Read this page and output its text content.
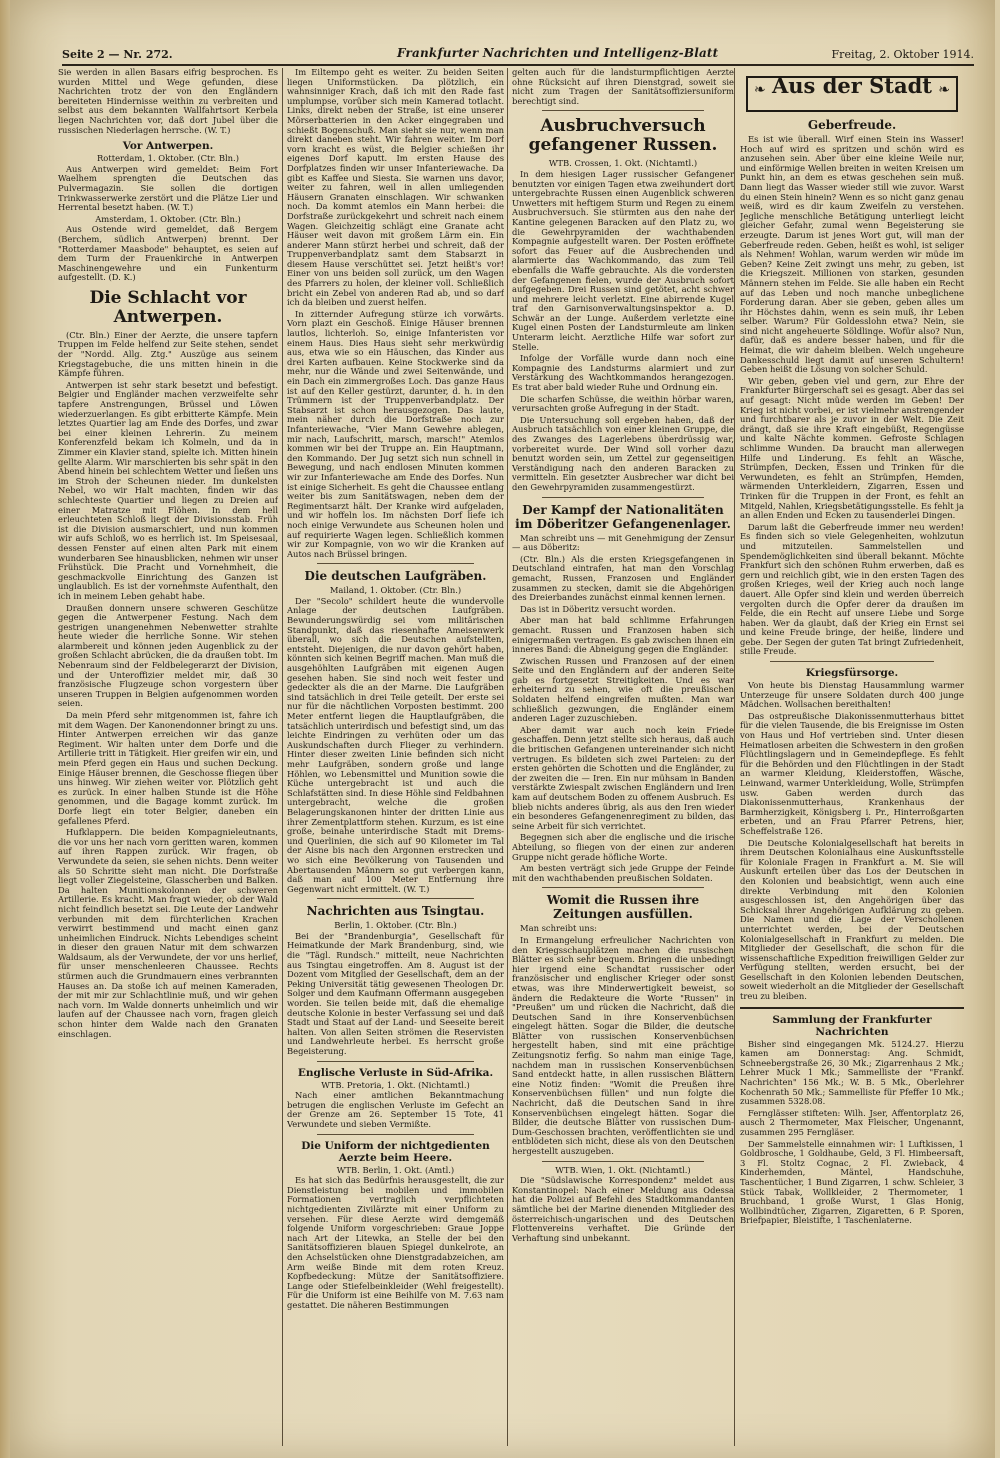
Seite 2 — Nr. 272.	Frankfurter Nachrichten und Intelligenz-Blatt	Freitag, 2. Oktober 1914.

Sie werden in allen Basars eifrig besprochen. Es wurden Mittel und Wege gefunden, diese Nachrichten trotz der von den Engländern bereiteten Hindernisse weithin zu verbreiten und selbst aus dem bekannten Wallfahrtsort Kerbela liegen Nachrichten vor, daß dort Jubel über die russischen Niederlagen herrsche. (W. T.)

Vor Antwerpen.
Rotterdam, 1. Oktober. (Ctr. Bln.)

Aus Antwerpen wird gemeldet: Beim Fort Waelhem sprengten die Deutschen das Pulvermagazin. Sie sollen die dortigen Trinkwasserwerke zerstört und die Plätze Lier und Herrental besetzt haben. (W. T.)

Amsterdam, 1. Oktober. (Ctr. Bln.)

Aus Ostende wird gemeldet, daß Bergem (Berchem, südlich Antwerpen) brennt. Der "Rotterdamer Maasbode" behauptet, es seien auf dem Turm der Frauenkirche in Antwerpen Maschinengewehre und ein Funkenturm aufgestellt. (D. K.)

Die Schlacht vor Antwerpen.

(Ctr. Bln.) Einer der Aerzte, die unsere tapfern Truppen im Felde helfend zur Seite stehen, sendet der "Nordd. Allg. Ztg." Auszüge aus seinem Kriegstagebuche, die uns mitten hinein in die Kämpfe führen.

Antwerpen ist sehr stark besetzt und befestigt. Belgier und Engländer machen verzweifelte sehr tapfere Anstrengungen, Brüssel und Löwen wiederzuerlangen. Es gibt erbitterte Kämpfe. Mein letztes Quartier lag am Ende des Dorfes, und zwar bei einer kleinen Lehrerin. Zu meinem Konferenzfeld bekam ich Kolmeln, und da in Zimmer ein Klavier stand, spielte ich. Mitten hinein gellte Alarm. Wir marschierten bis sehr spät in den Abend hinein bei schlechtem Wetter und ließen uns im Stroh der Scheunen nieder. Im dunkelsten Nebel, wo wir Halt machten, finden wir das schlechteste Quartier und liegen zu Dreien auf einer Matratze mit Flöhen. In dem hell erleuchteten Schloß liegt der Divisionsstab. Früh ist die Division ausmarschiert, und nun kommen wir aufs Schloß, wo es herrlich ist. Im Speisesaal, dessen Fenster auf einen alten Park mit einem wunderbaren See hinausblicken, nehmen wir unser Frühstück. Die Pracht und Vornehmheit, die geschmackvolle Einrichtung des Ganzen ist unglaublich. Es ist der vornehmste Aufenthalt, den ich in meinem Leben gehabt habe.

Draußen donnern unsere schweren Geschütze gegen die Antwerpener Festung. Nach dem gestrigen unangenehmen Nebenwetter strahlte heute wieder die herrliche Sonne. Wir stehen alarmbereit und können jeden Augenblick zu der großen Schlacht abrücken, die da draußen tobt. Im Nebenraum sind der Feldbelegerarzt der Division, und der Unteroffizier meldet mir, daß 30 französische Flugzeuge schon vorgestern über unseren Truppen in Belgien aufgenommen worden seien.

Da mein Pferd sehr mitgenommen ist, fahre ich mit dem Wagen. Der Kanonendonner bringt zu uns. Hinter Antwerpen erreichen wir das ganze Regiment. Wir halten unter dem Dorfe und die Artillerie tritt in Tätigkeit. Hier greifen wir ein, und mein Pferd gegen ein Haus und suchen Deckung. Einige Häuser brennen, die Geschosse fliegen über uns hinweg. Wir ziehen weiter vor. Plötzlich geht es zurück. In einer halben Stunde ist die Höhe genommen, und die Bagage kommt zurück. Im Dorfe liegt ein toter Belgier, daneben ein gefallenes Pferd.

Hufklappern. Die beiden Kompagnieleutnants, die vor uns her nach vorn geritten waren, kommen auf ihren Rappen zurück. Wir fragen, ob Verwundete da seien, sie sehen nichts. Denn weiter als 50 Schritte sieht man nicht. Die Dorfstraße liegt voller Ziegelsteine, Glasscherben und Balken. Da halten Munitionskolonnen der schweren Artillerie. Es kracht. Man fragt wieder, ob der Wald nicht feindlich besetzt sei. Die Leute der Landwehr verbunden mit dem fürchterlichen Krachen verwirrt bestimmend und macht einen ganz unheimlichen Eindruck. Nichts Lebendiges scheint in dieser den grauen Natur mit dem schwarzen Waldsaum, als der Verwundete, der vor uns herlief, für unser menschenleeren Chaussee. Rechts stürmen auch die Grundmauern eines verbrannten Hauses an. Da stoße ich auf meinen Kameraden, der mit mir zur Schlachtlinie muß, und wir gehen nach vorn. Im Walde donnerts unheimlich und wir laufen auf der Chaussee nach vorn, fragen gleich schon hinter dem Walde nach den Granaten einschlagen.

Im Eiltempo geht es weiter. Zu beiden Seiten liegen Uniformstücken. Da plötzlich, ein wahnsinniger Krach, daß ich mit den Rade fast umplumpse, vorüber sich mein Kamerad totlacht. Links, direkt neben der Straße, ist eine unserer Mörserbatterien in den Acker eingegraben und schießt Bogenschuß. Man sieht sie nur, wenn man direkt daneben steht. Wir fahren weiter. Im Dorf vorn kracht es wüst, die Belgier schießen ihr eigenes Dorf kaputt. Im ersten Hause des Dorfplatzes finden wir unser Infanteriewache. Da gibt es Kaffee und Siesta. Sie warnen uns davor, weiter zu fahren, weil in allen umliegenden Häusern Granaten einschlagen. Wir schwanken noch. Da kommt atemlos ein Mann herbei: die Dorfstraße zurückgekehrt und schreit nach einem Wagen. Gleichzeitig schlägt eine Granate acht Häuser weit davon mit großem Lärm ein. Ein anderer Mann stürzt herbei und schreit, daß der Truppenverbandplatz samt dem Stabsarzt in diesem Hause verschüttet sei. Jetzt heißt's vor! Einer von uns beiden soll zurück, um den Wagen des Pfarrers zu holen, der kleiner voll. Schließlich bricht ein Zebel von anderen Rad ab, und so darf ich da bleiben und zuerst helfen.

In zitternder Aufregung stürze ich vorwärts. Vorn plazt ein Geschoß. Einige Häuser brennen lautlos, lichterloh. So, einige Infanteristen vor einem Haus. Dies Haus sieht sehr merkwürdig aus, etwa wie so ein Häuschen, das Kinder aus drei Karten aufbauen. Keine Stockwerke sind da mehr, nur die Wände und zwei Seitenwände, und ein Dach ein zimmergroßes Loch. Das ganze Haus ist auf den Keller gestürzt, darunter, d. h. in den Trümmern ist der Truppenverbandplatz. Der Stabsarzt ist schon herausgezogen. Das laute, mein näher durch die Dorfstraße noch zur Infanteriewache, "Vier Mann Gewehre ablegen, mir nach, Laufschritt, marsch, marsch!" Atemlos kommen wir bei der Truppe an. Ein Hauptmann, den Kommando. Der Jug setzt sich nun schnell in Bewegung, und nach endlosen Minuten kommen wir zur Infanteriewache am Ende des Dorfes. Nun ist einige Sicherheit. Es geht die Chaussee entlang weiter bis zum Sanitätswagen, neben dem der Regimentsarzt hält. Der Kranke wird aufgeladen, und wir hoffeln los. Im nächsten Dorf liefe ich noch einige Verwundete aus Scheunen holen und auf requirierte Wagen legen. Schließlich kommen wir zur Kompagnie, von wo wir die Kranken auf Autos nach Brüssel bringen.

Die deutschen Laufgräben.
Mailand, 1. Oktober. (Ctr. Bln.)

Der "Secolo" schildert heute die wundervolle Anlage der deutschen Laufgräben. Bewunderungswürdig sei vom militärischen Standpunkt, daß das riesenhafte Ameisenwerk überall, wo sich die Deutschen aufstellten, entsteht. Diejenigen, die nur davon gehört haben, könnten sich keinen Begriff machen. Man muß die ausgehöhlten Laufgräben mit eigenen Augen gesehen haben. Sie sind noch weit fester und gedeckter als die an der Marne. Die Laufgräben sind tatsächlich in drei Teile geteilt. Der erste sei nur für die nächtlichen Vorposten bestimmt. 200 Meter entfernt liegen die Hauptlaufgräben, die tatsächlich unterirdisch und befestigt sind, um das leichte Eindringen zu verhüten oder um das Auskundschaften durch Flieger zu verhindern. Hinter dieser zweiten Linie befinden sich nicht mehr Laufgräben, sondern große und lange Höhlen, wo Lebensmittel und Munition sowie die Küche untergebracht ist und auch die Schlafstätten sind. In diese Höhle sind Feldbahnen untergebracht, welche die großen Belagerungskanonen hinter der dritten Linie aus ihrer Zementplattform stehen. Kurzum, es ist eine große, beinahe unterirdische Stadt mit Drems- und Querlinien, die sich auf 90 Kilometer im Tal der Aisne bis nach den Argonnen erstrecken und wo sich eine Bevölkerung von Tausenden und Abertausenden Männern so gut verbergen kann, daß man auf 100 Meter Entfernung ihre Gegenwart nicht ermittelt. (W. T.)

Nachrichten aus Tsingtau.
Berlin, 1. Oktober. (Ctr. Bln.)

Bei der "Brandenburgia", Gesellschaft für Heimatkunde der Mark Brandenburg, sind, wie die "Tägl. Rundsch." mitteilt, neue Nachrichten aus Tsingtau eingetroffen. Am 8. August ist der Dozent vom Mitglied der Gesellschaft, dem an der Peking Universität tätig gewesenen Theologen Dr. Solger und dem Kaufmann Offermann ausgegeben worden. Sie teilen beide mit, daß die ehemalige deutsche Kolonie in bester Verfassung sei und daß Stadt und Staat auf der Land- und Seeseite bereit halten. Von allen Seiten strömen die Reservisten und Landwehrleute herbei. Es herrscht große Begeisterung.

Englische Verluste in Süd-Afrika.
WTB. Pretoria, 1. Okt. (Nichtamtl.)

Nach einer amtlichen Bekanntmachung betrugen die englischen Verluste im Gefecht an der Grenze am 26. September 15 Tote, 41 Verwundete und sieben Vermißte.

Die Uniform der nichtgedienten Aerzte beim Heere.
WTB. Berlin, 1. Okt. (Amtl.)

Es hat sich das Bedürfnis herausgestellt, die zur Dienstleistung bei mobilen und immobilen Formationen vertraglich verpflichteten nichtgedienten Zivilärzte mit einer Uniform zu versehen. Für diese Aerzte wird demgemäß folgende Uniform vorgeschrieben: Graue Joppe nach Art der Litewka, an Stelle der bei den Sanitätsoffizieren blauen Spiegel dunkelrote, an den Achselstücken ohne Dienstgradabzeichen, am Arm weiße Binde mit dem roten Kreuz. Kopfbedeckung: Mütze der Sanitätsoffiziere. Lange oder Stiefelbeinkleider (Wehl freigestellt). Für die Uniform ist eine Beihilfe von M. 7.63 nam gestattet. Die näheren Bestimmungen

gelten auch für die landsturmpflichtigen Aerzte ohne Rücksicht auf ihren Dienstgrad, soweit sie nicht zum Tragen der Sanitätsoffiziersuniform berechtigt sind.

Ausbruchversuch gefangener Russen.
WTB. Crossen, 1. Okt. (Nichtamtl.)

In dem hiesigen Lager russischer Gefangener benutzten vor einigen Tagen etwa zweihundert dort untergebrachte Russen einen Augenblick schweren Unwetters mit heftigem Sturm und Regen zu einem Ausbruchversuch. Sie stürmten aus den nahe der Kantine gelegenen Baracken auf den Platz zu, wo die Gewehrpyramiden der wachthabenden Kompagnie aufgestellt waren. Der Posten eröffnete sofort das Feuer auf die Ausbrechenden und alarmierte das Wachkommando, das zum Teil ebenfalls die Waffe gebrauchte. Als die vordersten der Gefangenen fielen, wurde der Ausbruch sofort aufgegeben. Drei Russen sind getötet, acht schwer und mehrere leicht verletzt. Eine abirrende Kugel traf den Garnisonverwaltungsinspektor a. D. Schwär an der Lunge. Außerdem verletzte eine Kugel einen Posten der Landsturmleute am linken Unterarm leicht. Aerztliche Hilfe war sofort zur Stelle.

Infolge der Vorfälle wurde dann noch eine Kompagnie des Landsturms alarmiert und zur Verstärkung des Wachtkommandos herangezogen. Es trat aber bald wieder Ruhe und Ordnung ein.

Die scharfen Schüsse, die weithin hörbar waren, verursachten große Aufregung in der Stadt.

Die Untersuchung soll ergeben haben, daß der Ausbruch tatsächlich von einer kleinen Gruppe, die des Zwanges des Lagerlebens überdrüssig war, vorbereitet wurde. Der Wind soll vorher dazu benutzt worden sein, um Zettel zur gegenseitigen Verständigung nach den anderen Baracken zu vermitteln. Ein gesetzter Ausbrecher war dicht bei den Gewehrpyramiden zusammengestürzt.

Der Kampf der Nationalitäten im Döberitzer Gefangenenlager.

Man schreibt uns — mit Genehmigung der Zensur — aus Döberitz:

(Ctr. Bln.) Als die ersten Kriegsgefangenen in Deutschland eintrafen, hat man den Vorschlag gemacht, Russen, Franzosen und Engländer zusammen zu stecken, damit sie die Abgehörigen des Dreierbandes zunächst einmal kennen lernen.

Das ist in Döberitz versucht worden.

Aber man hat bald schlimme Erfahrungen gemacht. Russen und Franzosen haben sich einigermaßen vertragen. Es gab zwischen ihnen ein inneres Band: die Abneigung gegen die Engländer.

Zwischen Russen und Franzosen auf der einen Seite und den Engländern auf der anderen Seite gab es fortgesetzt Streitigkeiten. Und es war erheiternd zu sehen, wie oft die preußischen Soldaten helfend eingreifen mußten. Man war schließlich gezwungen, die Engländer einem anderen Lager zuzuschieben.

Aber damit war auch noch kein Friede geschaffen. Denn jetzt stellte sich heraus, daß auch die britischen Gefangenen untereinander sich nicht vertrugen. Es bildeten sich zwei Parteien: zu der ersten gehörten die Schotten und die Engländer, zu der zweiten die — Iren. Ein nur mühsam in Banden verstärkte Zwiespalt zwischen Engländern und Iren kam auf deutschem Boden zu offenem Ausbruch. Es blieb nichts anderes übrig, als aus den Iren wieder ein besonderes Gefangenenregiment zu bilden, das seine Arbeit für sich verrichtet.

Begegnen sich aber die englische und die irische Abteilung, so fliegen von der einen zur anderen Gruppe nicht gerade höfliche Worte.

Am besten verträgt sich jede Gruppe der Feinde mit den wachthabenden preußischen Soldaten.

Womit die Russen ihre Zeitungen ausfüllen.

Man schreibt uns:

In Ermangelung erfreulicher Nachrichten von den Kriegsschauplätzen machen die russischen Blätter es sich sehr bequem. Bringen die unbedingt hier irgend eine Schandtat russischer oder französischer und englischer Krieger oder sonst etwas, was ihre Minderwertigkeit beweist, so ändern die Redakteure die Worte "Russen" in "Preußen" um und rücken die Nachricht, daß die Deutschen Sand in ihre Konservenbüchsen eingelegt hätten. Sogar die Bilder, die deutsche Blätter von russischen Konservenbüchsen hergestellt haben, sind mit eine prächtige Zeitungsnotiz ferfig. So nahm man einige Tage, nachdem man in russischen Konservenbüchsen Sand entdeckt hatte, in allen russischen Blättern eine Notiz finden: "Womit die Preußen ihre Konservenbüchsen füllen" und nun folgte die Nachricht, daß die Deutschen Sand in ihre Konservenbüchsen eingelegt hätten. Sogar die Bilder, die deutsche Blätter von russischen Dum-Dum-Geschossen brachten, veröffentlichten sie und entblödeten sich nicht, diese als von den Deutschen hergestellt auszugeben.

WTB. Wien, 1. Okt. (Nichtamtl.)

Die "Südslawische Korrespondenz" meldet aus Konstantinopel: Nach einer Meldung aus Odessa hat die Polizei auf Befehl des Stadtkommandanten sämtliche bei der Marine dienenden Mitglieder des österreichisch-ungarischen und des Deutschen Flottenvereins verhaftet. Die Gründe der Verhaftung sind unbekannt.

❧ Aus der Stadt ❧
Geberfreude.

Es ist wie überall. Wirf einen Stein ins Wasser! Hoch auf wird es spritzen und schön wird es anzusehen sein. Aber über eine kleine Weile nur, und einförmige Wellen breiten in weiten Kreisen um Punkt hin, an dem es etwas geschehen sein muß. Dann liegt das Wasser wieder still wie zuvor. Warst du einen Stein hinein? Wenn es so nicht ganz genau weiß, wird es dir kaum Zweifeln zu verstehen. Jegliche menschliche Betätigung unterliegt leicht gleicher Gefahr, zumal wenn Begeisterung sie erzeugte. Darum ist jenes Wort gut, will man der Geberfreude reden. Geben, heißt es wohl, ist seliger als Nehmen! Wohlan, warum werden wir müde im Geben? Keine Zeit zwingt uns mehr, zu geben, ist die Kriegszeit. Millionen von starken, gesunden Männern stehen im Felde. Sie alle haben ein Recht auf das Leben und noch manche unbeglichene Forderung daran. Aber sie geben, geben alles um ihr Höchstes dahin, wenn es sein muß, ihr Leben selber. Warum? Für Goldesslohn etwa? Nein, sie sind nicht angeheuerte Söldlinge. Wofür also? Nun, dafür, daß es andere besser haben, und für die Heimat, die wir daheim bleiben. Welch ungeheure Dankesschuld liegt damit auf unseren Schultern! Geben heißt die Lösung von solcher Schuld.

Wir geben, geben viel und gern, zur Ehre der Frankfurter Bürgerschaft sei es gesagt. Aber das sei auf gesagt: Nicht müde werden im Geben! Der Krieg ist nicht vorbei, er ist vielmehr anstrengender und furchtbarer als je zuvor in der Welt. Die Zeit drängt, daß sie ihre Kraft eingebüßt, Regengüsse und kalte Nächte kommen. Gefroste Schlagen schlimme Wunden. Da braucht man allerwegen Hilfe und Linderung. Es fehlt an Wäsche, Strümpfen, Decken, Essen und Trinken für die Verwundeten, es fehlt an Strümpfen, Hemden, wärmenden Unterkleidern, Zigarren, Essen und Trinken für die Truppen in der Front, es fehlt an Mitgeld, Nahlen, Kriegsbetätigungsstelle. Es fehlt ja an allen Enden und Ecken zu tausenderlei Dingen.

Darum laßt die Geberfreude immer neu werden! Es finden sich so viele Gelegenheiten, wohlzutun und mitzuteilen. Sammelstellen und Spendemöglichkeiten sind überall bekannt. Möchte Frankfurt sich den schönen Ruhm erwerben, daß es gern und reichlich gibt, wie in den ersten Tagen des großen Krieges, weil der Krieg auch noch lange dauert. Alle Opfer sind klein und werden überreich vergolten durch die Opfer derer da draußen im Felde, die ein Recht auf unsere Liebe und Sorge haben. Wer da glaubt, daß der Krieg ein Ernst sei und keine Freude bringe, der heiße, lindere und gebe. Der Segen der guten Tat bringt Zufriedenheit, stille Freude.

Kriegsfürsorge.

Von heute bis Dienstag Hausammlung warmer Unterzeuge für unsere Soldaten durch 400 junge Mädchen. Wollsachen bereithalten!

Das ostpreußische Diakonissenmutterhaus bittet für die vielen Tausende, die bis Ereignisse im Osten von Haus und Hof vertrieben sind. Unter diesen Heimatlosen arbeiten die Schwestern in den großen Flüchtlingslagern und in Gemeindepflege. Es fehlt für die Behörden und den Flüchtlingen in der Stadt an warmer Kleidung, Kleiderstoffen, Wäsche, Leinwand, warmer Unterkleidung, Wolle, Strümpfen usw. Gaben werden durch das Diakonissenmutterhaus, Krankenhaus der Barmherzigkeit, Königsberg i. Pr., Hinterroßgarten erbeten, und an Frau Pfarrer Petrens, hier, Scheffelstraße 126.

Die Deutsche Kolonialgesellschaft hat bereits in ihrem Deutschen Kolonialhaus eine Auskunftsstelle für Koloniale Fragen in Frankfurt a. M. Sie will Auskunft erteilen über das Los der Deutschen in den Kolonien und beabsichtigt, wenn auch eine direkte Verbindung mit den Kolonien ausgeschlossen ist, den Angehörigen über das Schicksal ihrer Angehörigen Aufklärung zu geben. Die Namen und die Lage der Verschollenen unterrichtet werden, bei der Deutschen Kolonialgesellschaft in Frankfurt zu melden. Die Mitglieder der Gesellschaft, die schon für die wissenschaftliche Expedition freiwilligen Gelder zur Verfügung stellten, werden ersucht, bei der Gesellschaft in den Kolonien lebenden Deutschen, soweit wiederholt an die Mitglieder der Gesellschaft treu zu bleiben.

Sammlung der Frankfurter Nachrichten

Bisher sind eingegangen Mk. 5124.27. Hierzu kamen am Donnerstag: Ang. Schmidt, Schneebergstraße 26, 30 Mk.; Zigarrenhaus 2 Mk.; Lehrer Muck 1 Mk.; Sammelliste der "Frankf. Nachrichten" 156 Mk.; W. B. 5 Mk., Oberlehrer Kochenrath 50 Mk.; Sammelliste für Pfeffer 10 Mk.; zusammen 5328.08.

Fernglässer stifteten: Wilh. Jser, Affentorplatz 26, ausch 2 Thermometer, Max Fleischer, Ungenannt, zusammen 295 Ferngläser.

Der Sammelstelle einnahmen wir: 1 Luftkissen, 1 Goldbrosche, 1 Goldhaube, Geld, 3 Fl. Himbeersaft, 3 Fl. Stoltz Cognac, 2 Fl. Zwieback, 4 Kinderhemden, Mäntel, Handschuhe, Taschentücher, 1 Bund Zigarren, 1 schw. Schleier, 3 Stück Tabak, Wollkleider, 2 Thermometer, 1 Bruchband, 1 große Wurst, 1 Glas Honig, Wollbindtücher, Zigarren, Zigaretten, 6 P. Sporen, Briefpapier, Bleistifte, 1 Taschenlaterne.
